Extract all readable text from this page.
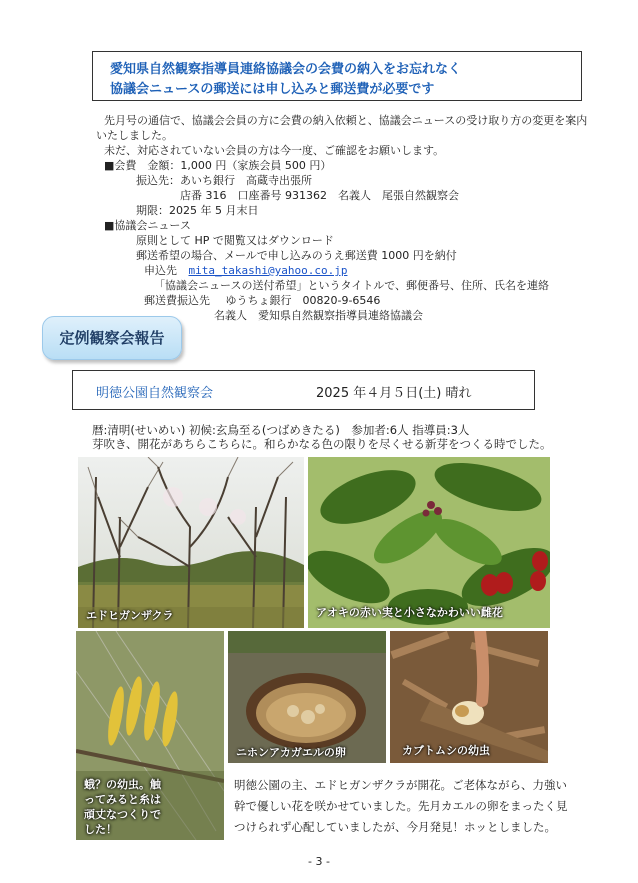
愛知県自然観察指導員連絡協議会の会費の納入をお忘れなく
協議会ニュースの郵送には申し込みと郵送費が必要です
先月号の通信で、協議会会員の方に会費の納入依頼と、協議会ニュースの受け取り方の変更を案内
いたしました。
未だ、対応されていない会員の方は今一度、ご確認をお願いします。
■会費　金額：1,000 円（家族会員 500 円）
振込先：あいち銀行　高蔵寺出張所
店番 316　口座番号 931362　名義人　尾張自然観察会
期限：2025 年 5 月末日
■協議会ニュース
原則として HP で閲覧又はダウンロード
郵送希望の場合、メールで申し込みのうえ郵送費 1000 円を納付
申込先 mita_takashi@yahoo.co.jp
「協議会ニュースの送付希望」というタイトルで、郵便番号、住所、氏名を連絡
郵送費振込先 ゆうちょ銀行　00820-9-6546
名義人　愛知県自然観察指導員連絡協議会
定例観察会報告
明徳公園自然観察会	2025 年４月５日(土) 晴れ
暦:清明(せいめい) 初候:玄鳥至る(つばめきたる)　参加者:6人 指導員:3人
芽吹き、開花があちらこちらに。和らかなる色の限りを尽くせる新芽をつくる時でした。
エドヒガンザクラ	アオキの赤い実と小さなかわいい雌花
蛾？の幼虫。触
ってみると糸は
頑丈なつくりで
した！
ニホンアカガエルの卵	カブトムシの幼虫
明徳公園の主、エドヒガンザクラが開花。ご老体ながら、力強い
幹で優しい花を咲かせていました。先月カエルの卵をまったく見
つけられず心配していましたが、今月発見！ホッとしました。
- 3 -
